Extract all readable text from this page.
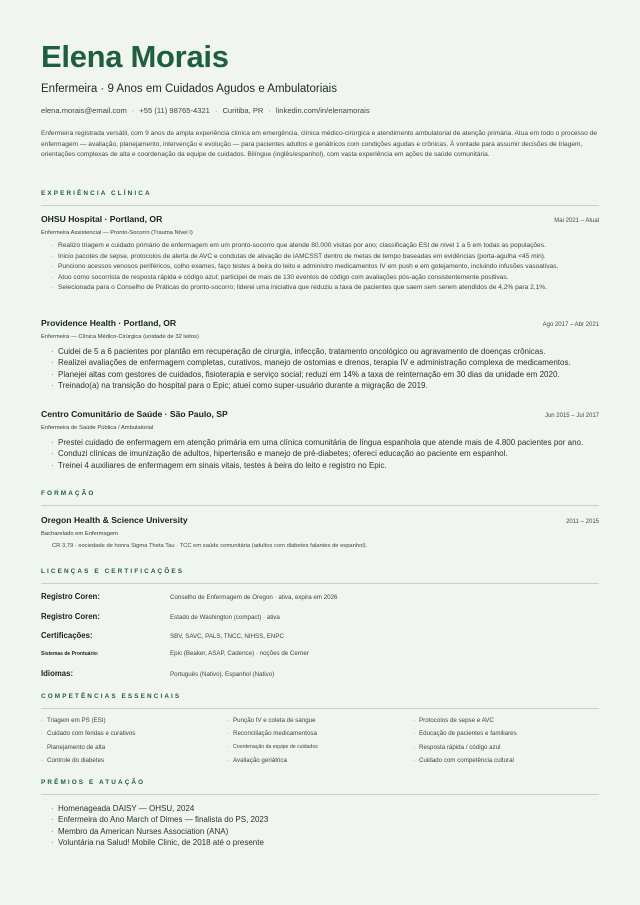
Elena Morais
Enfermeira · 9 Anos em Cuidados Agudos e Ambulatoriais
elena.morais@email.com · +55 (11) 98765-4321 · Curitiba, PR · linkedin.com/in/elenamorais
Enfermeira registrada versátil, com 9 anos de ampla experiência clínica em emergência, clínica médico-cirúrgica e atendimento ambulatorial de atenção primária. Atua em todo o processo de enfermagem — avaliação, planejamento, intervenção e evolução — para pacientes adultos e geriátricos com condições agudas e crônicas. À vontade para assumir decisões de triagem, orientações complexas de alta e coordenação da equipe de cuidados. Bilíngue (inglês/espanhol), com vasta experiência em ações de saúde comunitária.
EXPERIÊNCIA CLÍNICA
OHSU Hospital · Portland, OR	Mai 2021 – Atual
Enfermeira Assistencial — Pronto-Socorro (Trauma Nível I)
· Realizo triagem e cuidado primário de enfermagem em um pronto-socorro que atende 80.000 visitas por ano; classificação ESI de nível 1 a 5 em todas as populações.
· Inicio pacotes de sepse, protocolos de alerta de AVC e condutas de ativação de IAMCSST dentro de metas de tempo baseadas em evidências (porta-agulha <45 min).
· Punciono acessos venosos periféricos, colho exames, faço testes à beira do leito e administro medicamentos IV em push e em gotejamento, incluindo infusões vasoativas.
· Atuo como socorrista de resposta rápida e código azul; participei de mais de 130 eventos de código com avaliações pós-ação consistentemente positivas.
· Selecionada para o Conselho de Práticas do pronto-socorro; liderei uma iniciativa que reduziu a taxa de pacientes que saem sem serem atendidos de 4,2% para 2,1%.
Providence Health · Portland, OR	Ago 2017 – Abr 2021
Enfermeira — Clínica Médico-Cirúrgica (unidade de 32 leitos)
· Cuidei de 5 a 6 pacientes por plantão em recuperação de cirurgia, infecção, tratamento oncológico ou agravamento de doenças crônicas.
· Realizei avaliações de enfermagem completas, curativos, manejo de ostomias e drenos, terapia IV e administração complexa de medicamentos.
· Planejei altas com gestores de cuidados, fisioterapia e serviço social; reduzi em 14% a taxa de reinternação em 30 dias da unidade em 2020.
· Treinado(a) na transição do hospital para o Epic; atuei como super-usuário durante a migração de 2019.
Centro Comunitário de Saúde · São Paulo, SP	Jun 2015 – Jul 2017
Enfermeira de Saúde Pública / Ambulatorial
· Prestei cuidado de enfermagem em atenção primária em uma clínica comunitária de língua espanhola que atende mais de 4.800 pacientes por ano.
· Conduzi clínicas de imunização de adultos, hipertensão e manejo de pré-diabetes; ofereci educação ao paciente em espanhol.
· Treinei 4 auxiliares de enfermagem em sinais vitais, testes à beira do leito e registro no Epic.
FORMAÇÃO
Oregon Health & Science University	2011 – 2015
Bacharelado em Enfermagem
CR 3,79 · sociedade de honra Sigma Theta Tau · TCC em saúde comunitária (adultos com diabetes falantes de espanhol).
LICENÇAS E CERTIFICAÇÕES
Registro Coren:	Conselho de Enfermagem de Oregon · ativa, expira em 2026
Registro Coren:	Estado de Washington (compact) · ativa
Certificações:	SBV, SAVC, PALS, TNCC, NIHSS, ENPC
Sistemas de Prontuário:	Epic (Beaker, ASAP, Cadence) · noções de Cerner
Idiomas:	Português (Nativo), Espanhol (Nativo)
COMPETÊNCIAS ESSENCIAIS
· Triagem em PS (ESI)	· Punção IV e coleta de sangue	· Protocolos de sepse e AVC
· Cuidado com feridas e curativos	· Reconciliação medicamentosa	· Educação de pacientes e familiares
· Planejamento de alta	· Coordenação da equipe de cuidados	· Resposta rápida / código azul
· Controle do diabetes	· Avaliação geriátrica	· Cuidado com competência cultural
PRÊMIOS E ATUAÇÃO
· Homenageada DAISY — OHSU, 2024
· Enfermeira do Ano March of Dimes — finalista do PS, 2023
· Membro da American Nurses Association (ANA)
· Voluntária na Salud! Mobile Clinic, de 2018 até o presente
